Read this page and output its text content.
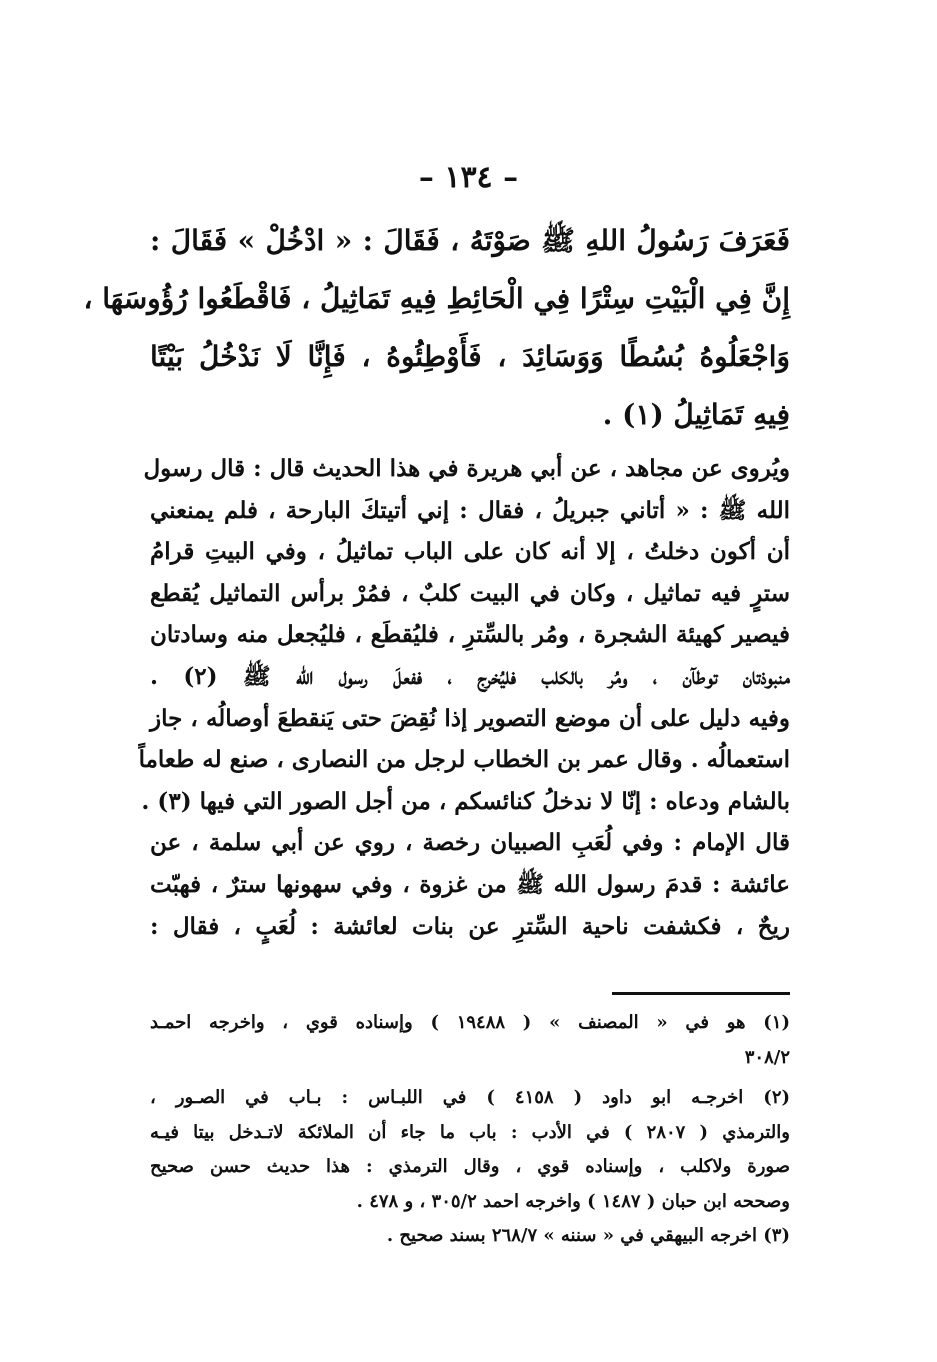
– ١٣٤ –
فَعَرَفَ رَسُولُ اللهِ ﷺ صَوْتَهُ ، فَقَالَ : « ادْخُلْ » فَقَالَ :
إِنَّ فِي الْبَيْتِ سِتْرًا فِي الْحَائِطِ فِيهِ تَمَاثِيلُ ، فَاقْطَعُوا رُؤُوسَهَا ،
وَاجْعَلُوهُ بُسُطًا وَوَسَائِدَ ، فَأَوْطِئُوهُ ، فَإِنَّا لَا نَدْخُلُ بَيْتًا
فِيهِ تَمَاثِيلُ (١) .
ويُروى عن مجاهد ، عن أبي هريرة في هذا الحديث قال : قال رسول
الله ﷺ : « أتاني جبريلُ ، فقال : إني أتيتكَ البارحة ، فلم يمنعني
أن أكون دخلتُ ، إلا أنه كان على الباب تماثيلُ ، وفي البيتِ قرامُ
سترٍ فيه تماثيل ، وكان في البيت كلبٌ ، فمُرْ برأس التماثيل يُقطع
فيصير كهيئة الشجرة ، ومُر بالسِّترِ ، فليُقطَع ، فليُجعل منه وسادتان
منبوذتان توطآن ، ومُر بالكلب فليُخرج ، ففعلَ رسول الله ﷺ (٢) .
وفيه دليل على أن موضع التصوير إذا نُقِضَ حتى يَنقطعَ أوصالُه ، جاز
استعمالُه . وقال عمر بن الخطاب لرجل من النصارى ، صنع له طعاماً
بالشام ودعاه : إنّا لا ندخلُ كنائسكم ، من أجل الصور التي فيها (٣) .
قال الإمام : وفي لُعَبِ الصبيان رخصة ، روي عن أبي سلمة ، عن
عائشة : قدمَ رسول الله ﷺ من غزوة ، وفي سهونها سترٌ ، فهبّت
ريحٌ ، فكشفت ناحية السِّترِ عن بنات لعائشة : لُعَبٍ ، فقال :
(١) هو في « المصنف » ( ١٩٤٨٨ ) وإسناده قوي ، واخرجه احمـد
٣٠٨/٢
(٢) اخرجـه ابو داود ( ٤١٥٨ ) في اللبـاس : بـاب في الصـور ،
والترمذي ( ٢٨٠٧ ) في الأدب : باب ما جاء أن الملائكة لاتـدخل بيتا فيـه
صورة ولاكلب ، وإسناده قوي ، وقال الترمذي : هذا حديث حسن صحيح
وصححه ابن حبان ( ١٤٨٧ ) واخرجه احمد ٣٠٥/٢ ، و ٤٧٨ .
(٣) اخرجه البيهقي في « سننه » ٢٦٨/٧ بسند صحيح .
